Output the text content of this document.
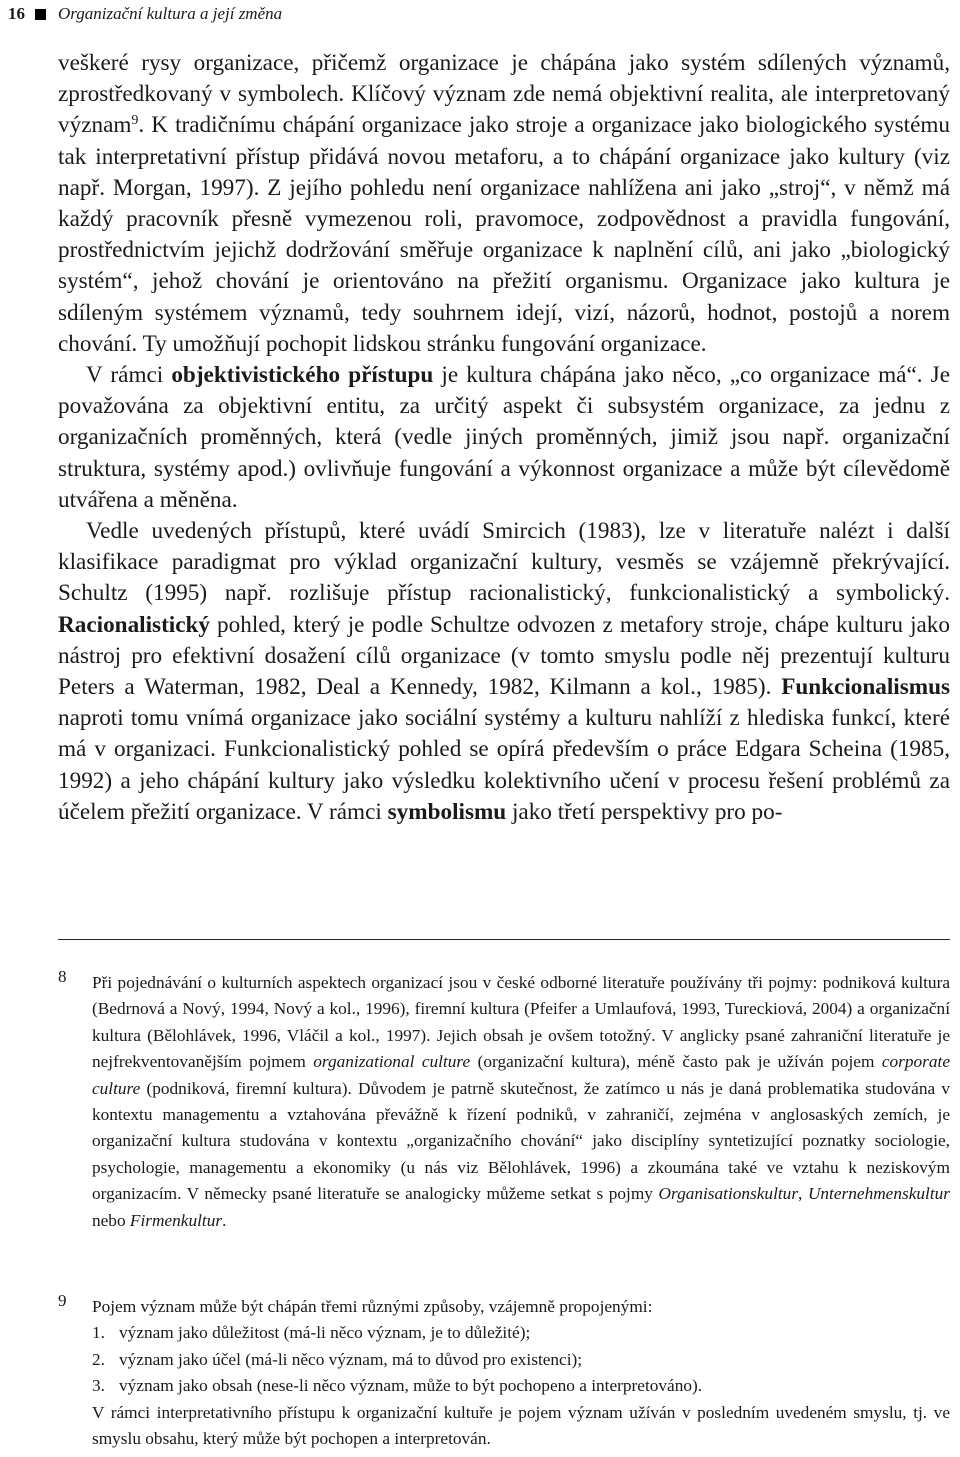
16 Organizační kultura a její změna

veškeré rysy organizace, přičemž organizace je chápána jako systém sdílených významů, zprostředkovaný v symbolech. Klíčový význam zde nemá objektivní realita, ale interpretovaný význam$^9$. K tradičnímu chápání organizace jako stroje a organizace jako biologického systému tak interpretativní přístup přidává novou metaforu, a to chápání organizace jako kultury (viz např. Morgan, 1997). Z jejího pohledu není organizace nahlížena ani jako „stroj“, v němž má každý pracovník přesně vymezenou roli, pravomoce, zodpovědnost a pravidla fungování, prostřednictvím jejichž dodržování směřuje organizace k naplnění cílů, ani jako „biologický systém“, jehož chování je orientováno na přežití organismu. Organizace jako kultura je sdíleným systémem významů, tedy souhrnem idejí, vizí, názorů, hodnot, postojů a norem chování. Ty umožňují pochopit lidskou stránku fungování organizace.

V rámci objektivistického přístupu je kultura chápána jako něco, „co organizace má“. Je považována za objektivní entitu, za určitý aspekt či subsystém organizace, za jednu z organizačních proměnných, která (vedle jiných proměnných, jimiž jsou např. organizační struktura, systémy apod.) ovlivňuje fungování a výkonnost organizace a může být cílevědomě utvářena a měněna.

Vedle uvedených přístupů, které uvádí Smircich (1983), lze v literatuře nalézt i další klasifikace paradigmat pro výklad organizační kultury, vesměs se vzájemně překrývající. Schultz (1995) např. rozlišuje přístup racionalistický, funkcionalistický a symbolický. Racionalistický pohled, který je podle Schultze odvozen z metafory stroje, chápe kulturu jako nástroj pro efektivní dosažení cílů organizace (v tomto smyslu podle něj prezentují kulturu Peters a Waterman, 1982, Deal a Kennedy, 1982, Kilmann a kol., 1985). Funkcionalismus naproti tomu vnímá organizace jako sociální systémy a kulturu nahlíží z hlediska funkcí, které má v organizaci. Funkcionalistický pohled se opírá především o práce Edgara Scheina (1985, 1992) a jeho chápání kultury jako výsledku kolektivního učení v procesu řešení problémů za účelem přežití organizace. V rámci symbolismu jako třetí perspektivy pro po-

8 Při pojednávání o kulturních aspektech organizací jsou v české odborné literatuře používány tři pojmy: podniková kultura (Bedrnová a Nový, 1994, Nový a kol., 1996), firemní kultura (Pfeifer a Umlaufová, 1993, Tureckiová, 2004) a organizační kultura (Bělohlávek, 1996, Vláčil a kol., 1997). Jejich obsah je ovšem totožný. V anglicky psané zahraniční literatuře je nejfrekventovanějším pojmem organizational culture (organizační kultura), méně často pak je užíván pojem corporate culture (podniková, firemní kultura). Důvodem je patrně skutečnost, že zatímco u nás je daná problematika studována v kontextu managementu a vztahována převážně k řízení podniků, v zahraničí, zejména v anglosaských zemích, je organizační kultura studována v kontextu „organizačního chování“ jako disciplíny syntetizující poznatky sociologie, psychologie, managementu a ekonomiky (u nás viz Bělohlávek, 1996) a zkoumána také ve vztahu k neziskovým organizacím. V německy psané literatuře se analogicky můžeme setkat s pojmy Organisationskultur, Unternehmenskultur nebo Firmenkultur.
9 Pojem význam může být chápán třemi různými způsoby, vzájemně propojenými:

1. význam jako důležitost (má-li něco význam, je to důležité);
2. význam jako účel (má-li něco význam, má to důvod pro existenci);
3. význam jako obsah (nese-li něco význam, může to být pochopeno a interpretováno).

V rámci interpretativního přístupu k organizační kultuře je pojem význam užíván v posledním uvedeném smyslu, tj. ve smyslu obsahu, který může být pochopen a interpretován.
